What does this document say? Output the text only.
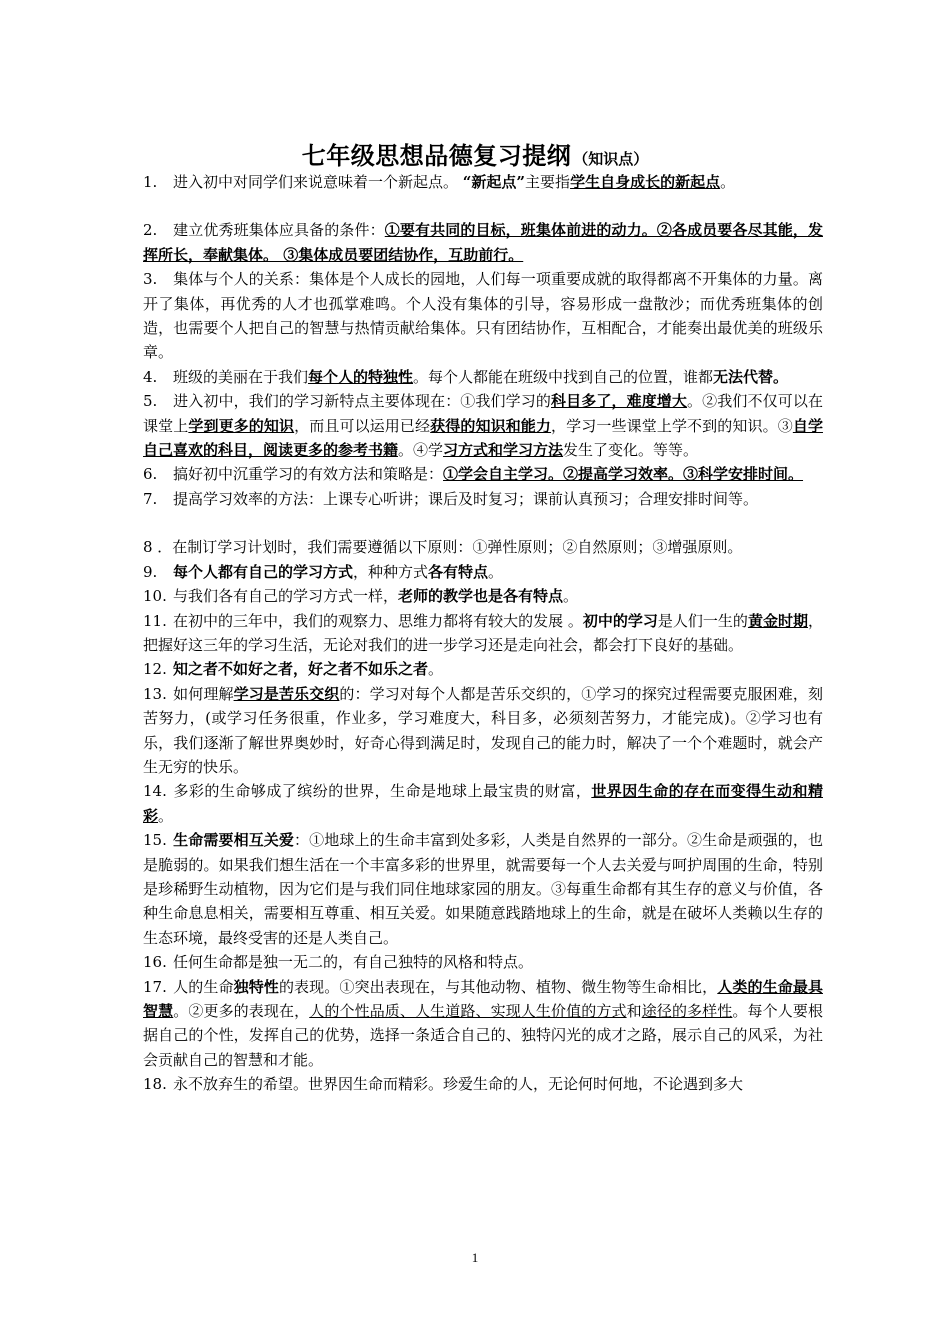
七年级思想品德复习提纲 （知识点）

1. 进入初中对同学们来说意味着一个新起点。 “新起点”主要指学生自身成长的新起点。

2. 建立优秀班集体应具备的条件：①要有共同的目标，班集体前进的动力。②各成员要各尽其能，发挥所长，奉献集体。 ③集体成员要团结协作，互助前行。

3. 集体与个人的关系：集体是个人成长的园地，人们每一项重要成就的取得都离不开集体的力量。离开了集体，再优秀的人才也孤掌难鸣。个人没有集体的引导，容易形成一盘散沙；而优秀班集体的创造，也需要个人把自己的智慧与热情贡献给集体。只有团结协作，互相配合，才能奏出最优美的班级乐章。

4. 班级的美丽在于我们每个人的特独性。每个人都能在班级中找到自己的位置，谁都无法代替。

5. 进入初中，我们的学习新特点主要体现在：①我们学习的科目多了，难度增大。②我们不仅可以在课堂上学到更多的知识，而且可以运用已经获得的知识和能力，学习一些课堂上学不到的知识。③自学自己喜欢的科目，阅读更多的参考书籍。④学习方式和学习方法发生了变化。等等。

6. 搞好初中沉重学习的有效方法和策略是：①学会自主学习。②提高学习效率。③科学安排时间。

7. 提高学习效率的方法：上课专心听讲；课后及时复习；课前认真预习；合理安排时间等。

8 ．在制订学习计划时，我们需要遵循以下原则：①弹性原则；②自然原则；③增强原则。

9. 每个人都有自己的学习方式，种种方式各有特点。

10. 与我们各有自己的学习方式一样，老师的教学也是各有特点。

11. 在初中的三年中，我们的观察力、思维力都将有较大的发展 。初中的学习是人们一生的黄金时期，把握好这三年的学习生活，无论对我们的进一步学习还是走向社会，都会打下良好的基础。

12. 知之者不如好之者，好之者不如乐之者。

13. 如何理解学习是苦乐交织的：学习对每个人都是苦乐交织的，①学习的探究过程需要克服困难，刻苦努力，(或学习任务很重，作业多，学习难度大，科目多，必须刻苦努力，才能完成)。②学习也有乐，我们逐渐了解世界奥妙时，好奇心得到满足时，发现自己的能力时，解决了一个个难题时，就会产生无穷的快乐。

14. 多彩的生命够成了缤纷的世界，生命是地球上最宝贵的财富，世界因生命的存在而变得生动和精彩。

15. 生命需要相互关爱：①地球上的生命丰富到处多彩，人类是自然界的一部分。②生命是顽强的，也是脆弱的。如果我们想生活在一个丰富多彩的世界里，就需要每一个人去关爱与呵护周围的生命，特别是珍稀野生动植物，因为它们是与我们同住地球家园的朋友。③每重生命都有其生存的意义与价值，各种生命息息相关，需要相互尊重、相互关爱。如果随意践踏地球上的生命，就是在破坏人类赖以生存的生态环境，最终受害的还是人类自己。

16. 任何生命都是独一无二的，有自己独特的风格和特点。

17. 人的生命独特性的表现。①突出表现在，与其他动物、植物、微生物等生命相比，人类的生命最具智慧。②更多的表现在，人的个性品质、人生道路、实现人生价值的方式和途径的多样性。每个人要根据自己的个性，发挥自己的优势，选择一条适合自己的、独特闪光的成才之路，展示自己的风采，为社会贡献自己的智慧和才能。

18. 永不放弃生的希望。世界因生命而精彩。珍爱生命的人，无论何时何地，不论遇到多大

1
